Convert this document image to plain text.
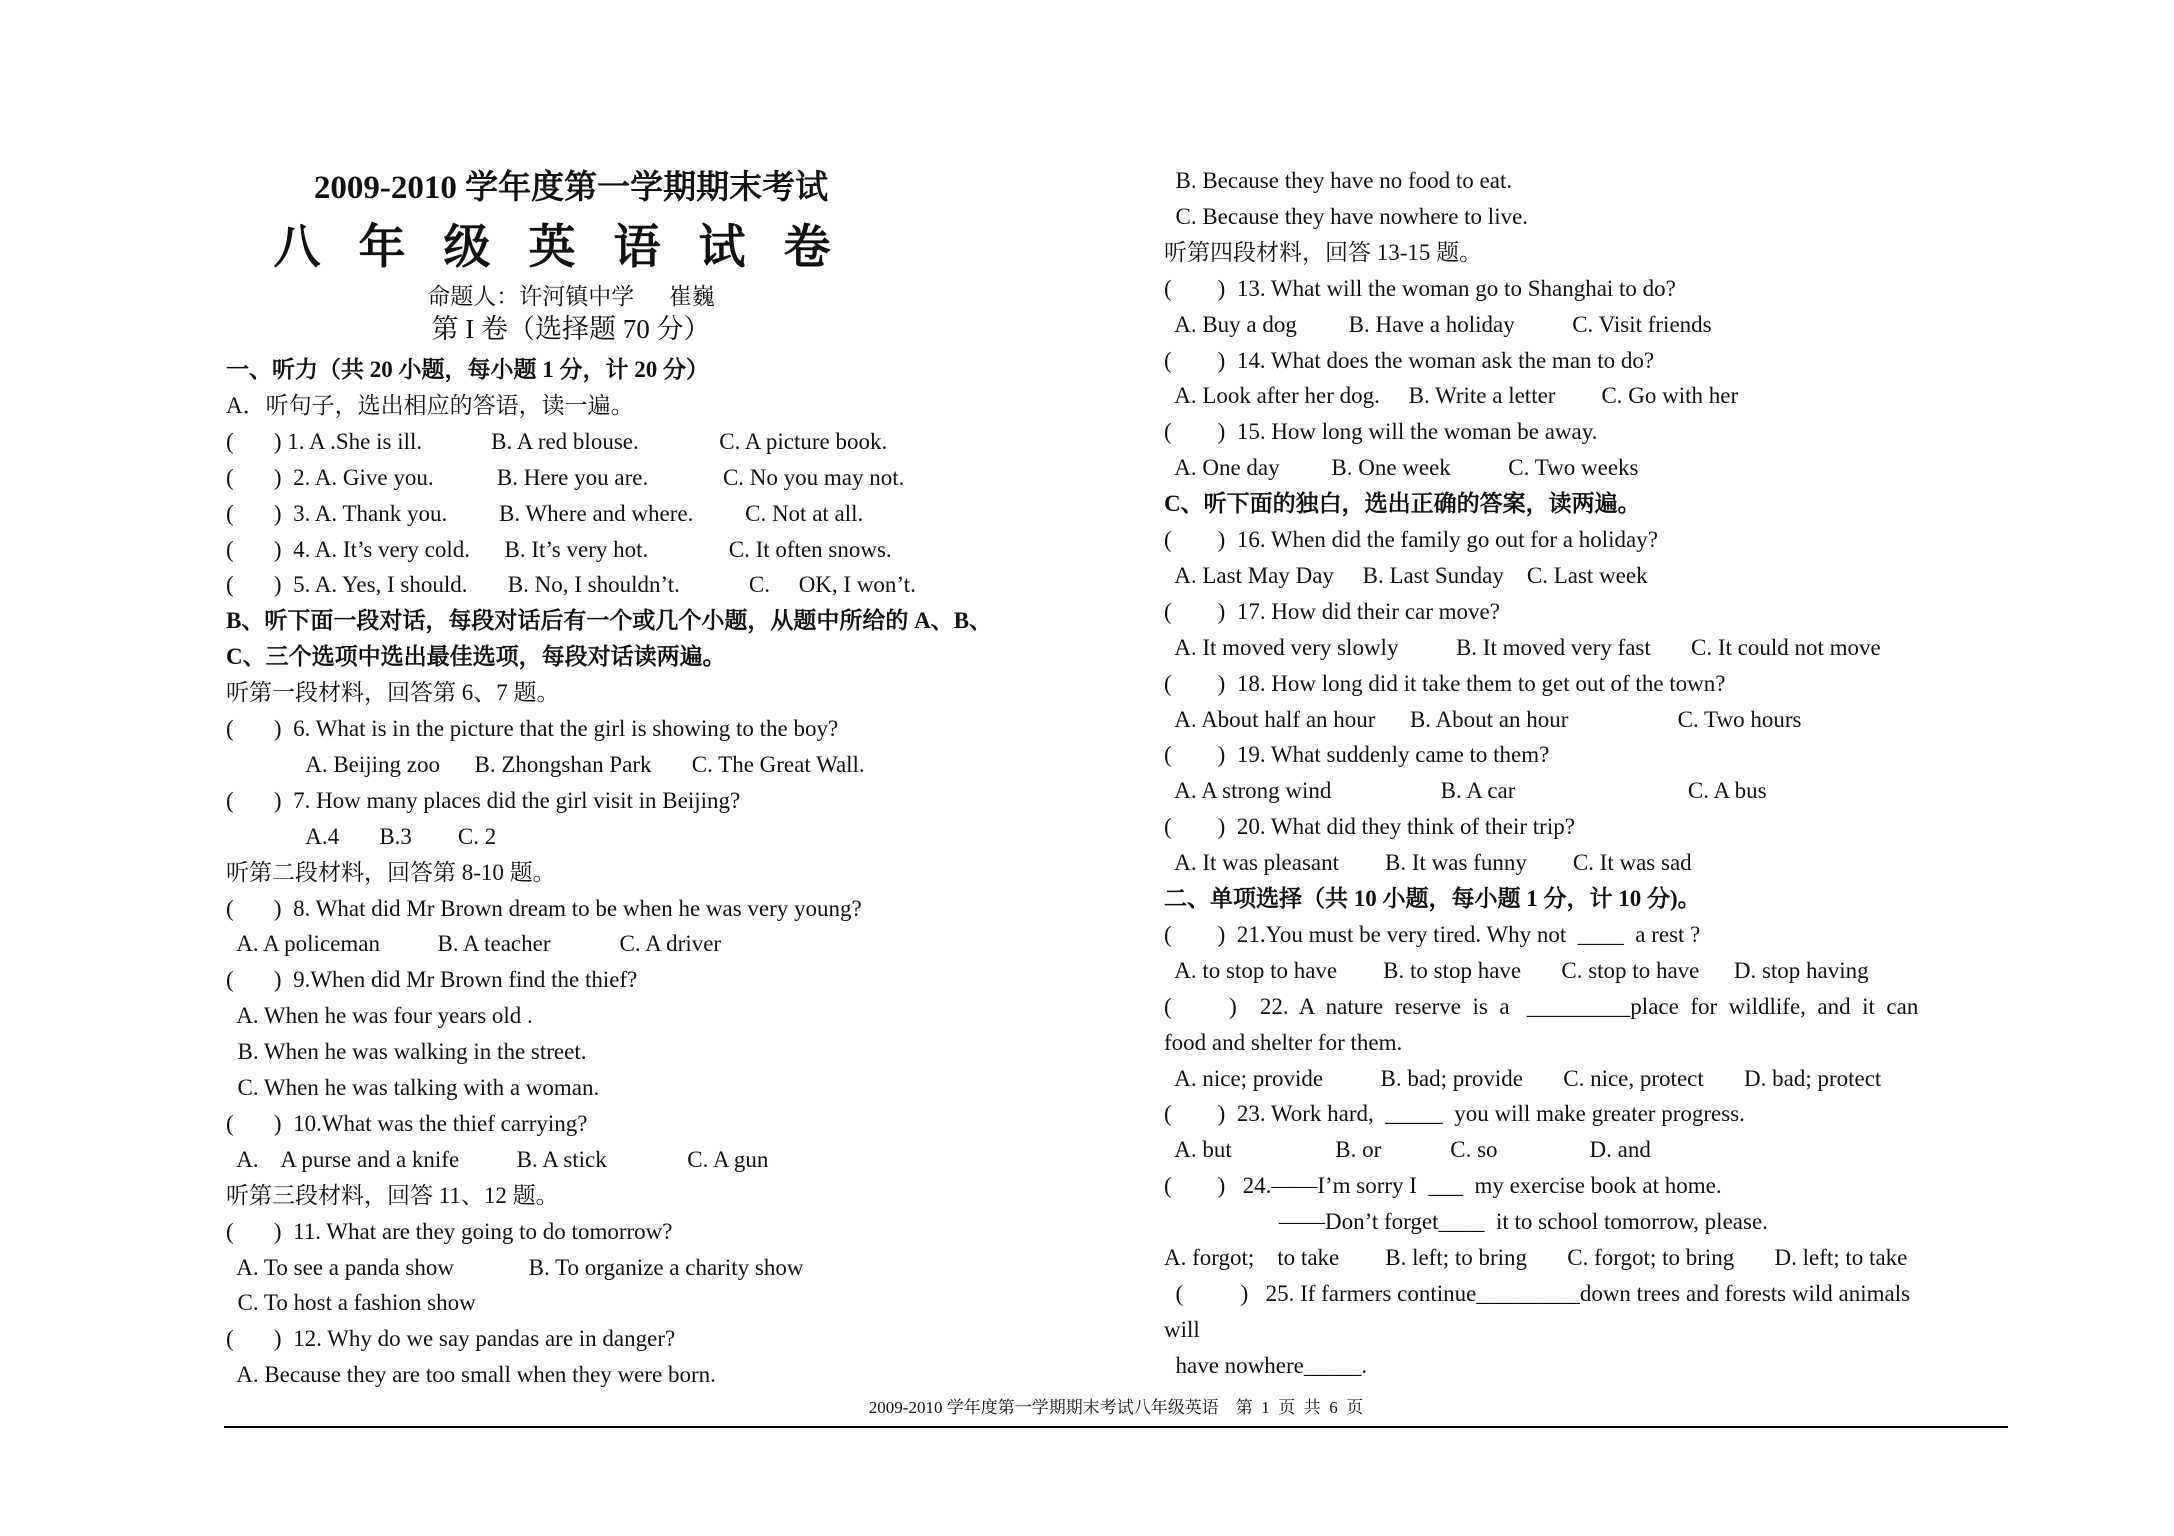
2009-2010 学年度第一学期期末考试
八年级英语试卷
命题人：许河镇中学      崔巍
第 I 卷（选择题 70 分）
一、听力（共 20 小题，每小题 1 分，计 20 分）
A．听句子，选出相应的答语，读一遍。
(       ) 1. A .She is ill.            B. A red blouse.              C. A picture book.
(       )  2. A. Give you.           B. Here you are.             C. No you may not.
(       )  3. A. Thank you.         B. Where and where.         C. Not at all.
(       )  4. A. It’s very cold.      B. It’s very hot.              C. It often snows.
(       )  5. A. Yes, I should.       B. No, I shouldn’t.            C.     OK, I won’t.
B、听下面一段对话，每段对话后有一个或几个小题，从题中所给的 A、B、
C、三个选项中选出最佳选项，每段对话读两遍。
听第一段材料，回答第 6、7 题。
(       )  6. What is in the picture that the girl is showing to the boy?
A. Beijing zoo      B. Zhongshan Park       C. The Great Wall.
(       )  7. How many places did the girl visit in Beijing?
A.4       B.3        C. 2
听第二段材料，回答第 8-10 题。
(       )  8. What did Mr Brown dream to be when he was very young?
A. A policeman          B. A teacher            C. A driver
(       )  9.When did Mr Brown find the thief?
A. When he was four years old .
B. When he was walking in the street.
C. When he was talking with a woman.
(       )  10.What was the thief carrying?
A.    A purse and a knife          B. A stick              C. A gun
听第三段材料，回答 11、12 题。
(       )  11. What are they going to do tomorrow?
A. To see a panda show             B. To organize a charity show
C. To host a fashion show
(       )  12. Why do we say pandas are in danger?
A. Because they are too small when they were born.
B. Because they have no food to eat.
C. Because they have nowhere to live.
听第四段材料，回答 13-15 题。
(        )  13. What will the woman go to Shanghai to do?
A. Buy a dog         B. Have a holiday          C. Visit friends
(        )  14. What does the woman ask the man to do?
A. Look after her dog.     B. Write a letter        C. Go with her
(        )  15. How long will the woman be away.
A. One day         B. One week          C. Two weeks
C、听下面的独白，选出正确的答案，读两遍。
(        )  16. When did the family go out for a holiday?
A. Last May Day     B. Last Sunday    C. Last week
(        )  17. How did their car move?
A. It moved very slowly          B. It moved very fast       C. It could not move
(        )  18. How long did it take them to get out of the town?
A. About half an hour      B. About an hour                   C. Two hours
(        )  19. What suddenly came to them?
A. A strong wind                   B. A car                              C. A bus
(        )  20. What did they think of their trip?
A. It was pleasant        B. It was funny        C. It was sad
二、单项选择（共 10 小题，每小题 1 分，计 10 分)。
(        )  21.You must be very tired. Why not  ____  a rest ?
A. to stop to have        B. to stop have       C. stop to have      D. stop having
(          )    22.  A  nature  reserve  is  a   _________place  for  wildlife,  and  it  can
food and shelter for them.
A. nice; provide          B. bad; provide       C. nice, protect       D. bad; protect
(        )  23. Work hard,  _____  you will make greater progress.
A. but                  B. or            C. so                D. and
(        )   24.——I’m sorry I  ___  my exercise book at home.
——Don’t forget____  it to school tomorrow, please.
A. forgot;    to take        B. left; to bring       C. forgot; to bring       D. left; to take
(          )   25. If farmers continue_________down trees and forests wild animals
will
have nowhere_____.
2009-2010 学年度第一学期期末考试八年级英语    第  1  页  共  6  页
